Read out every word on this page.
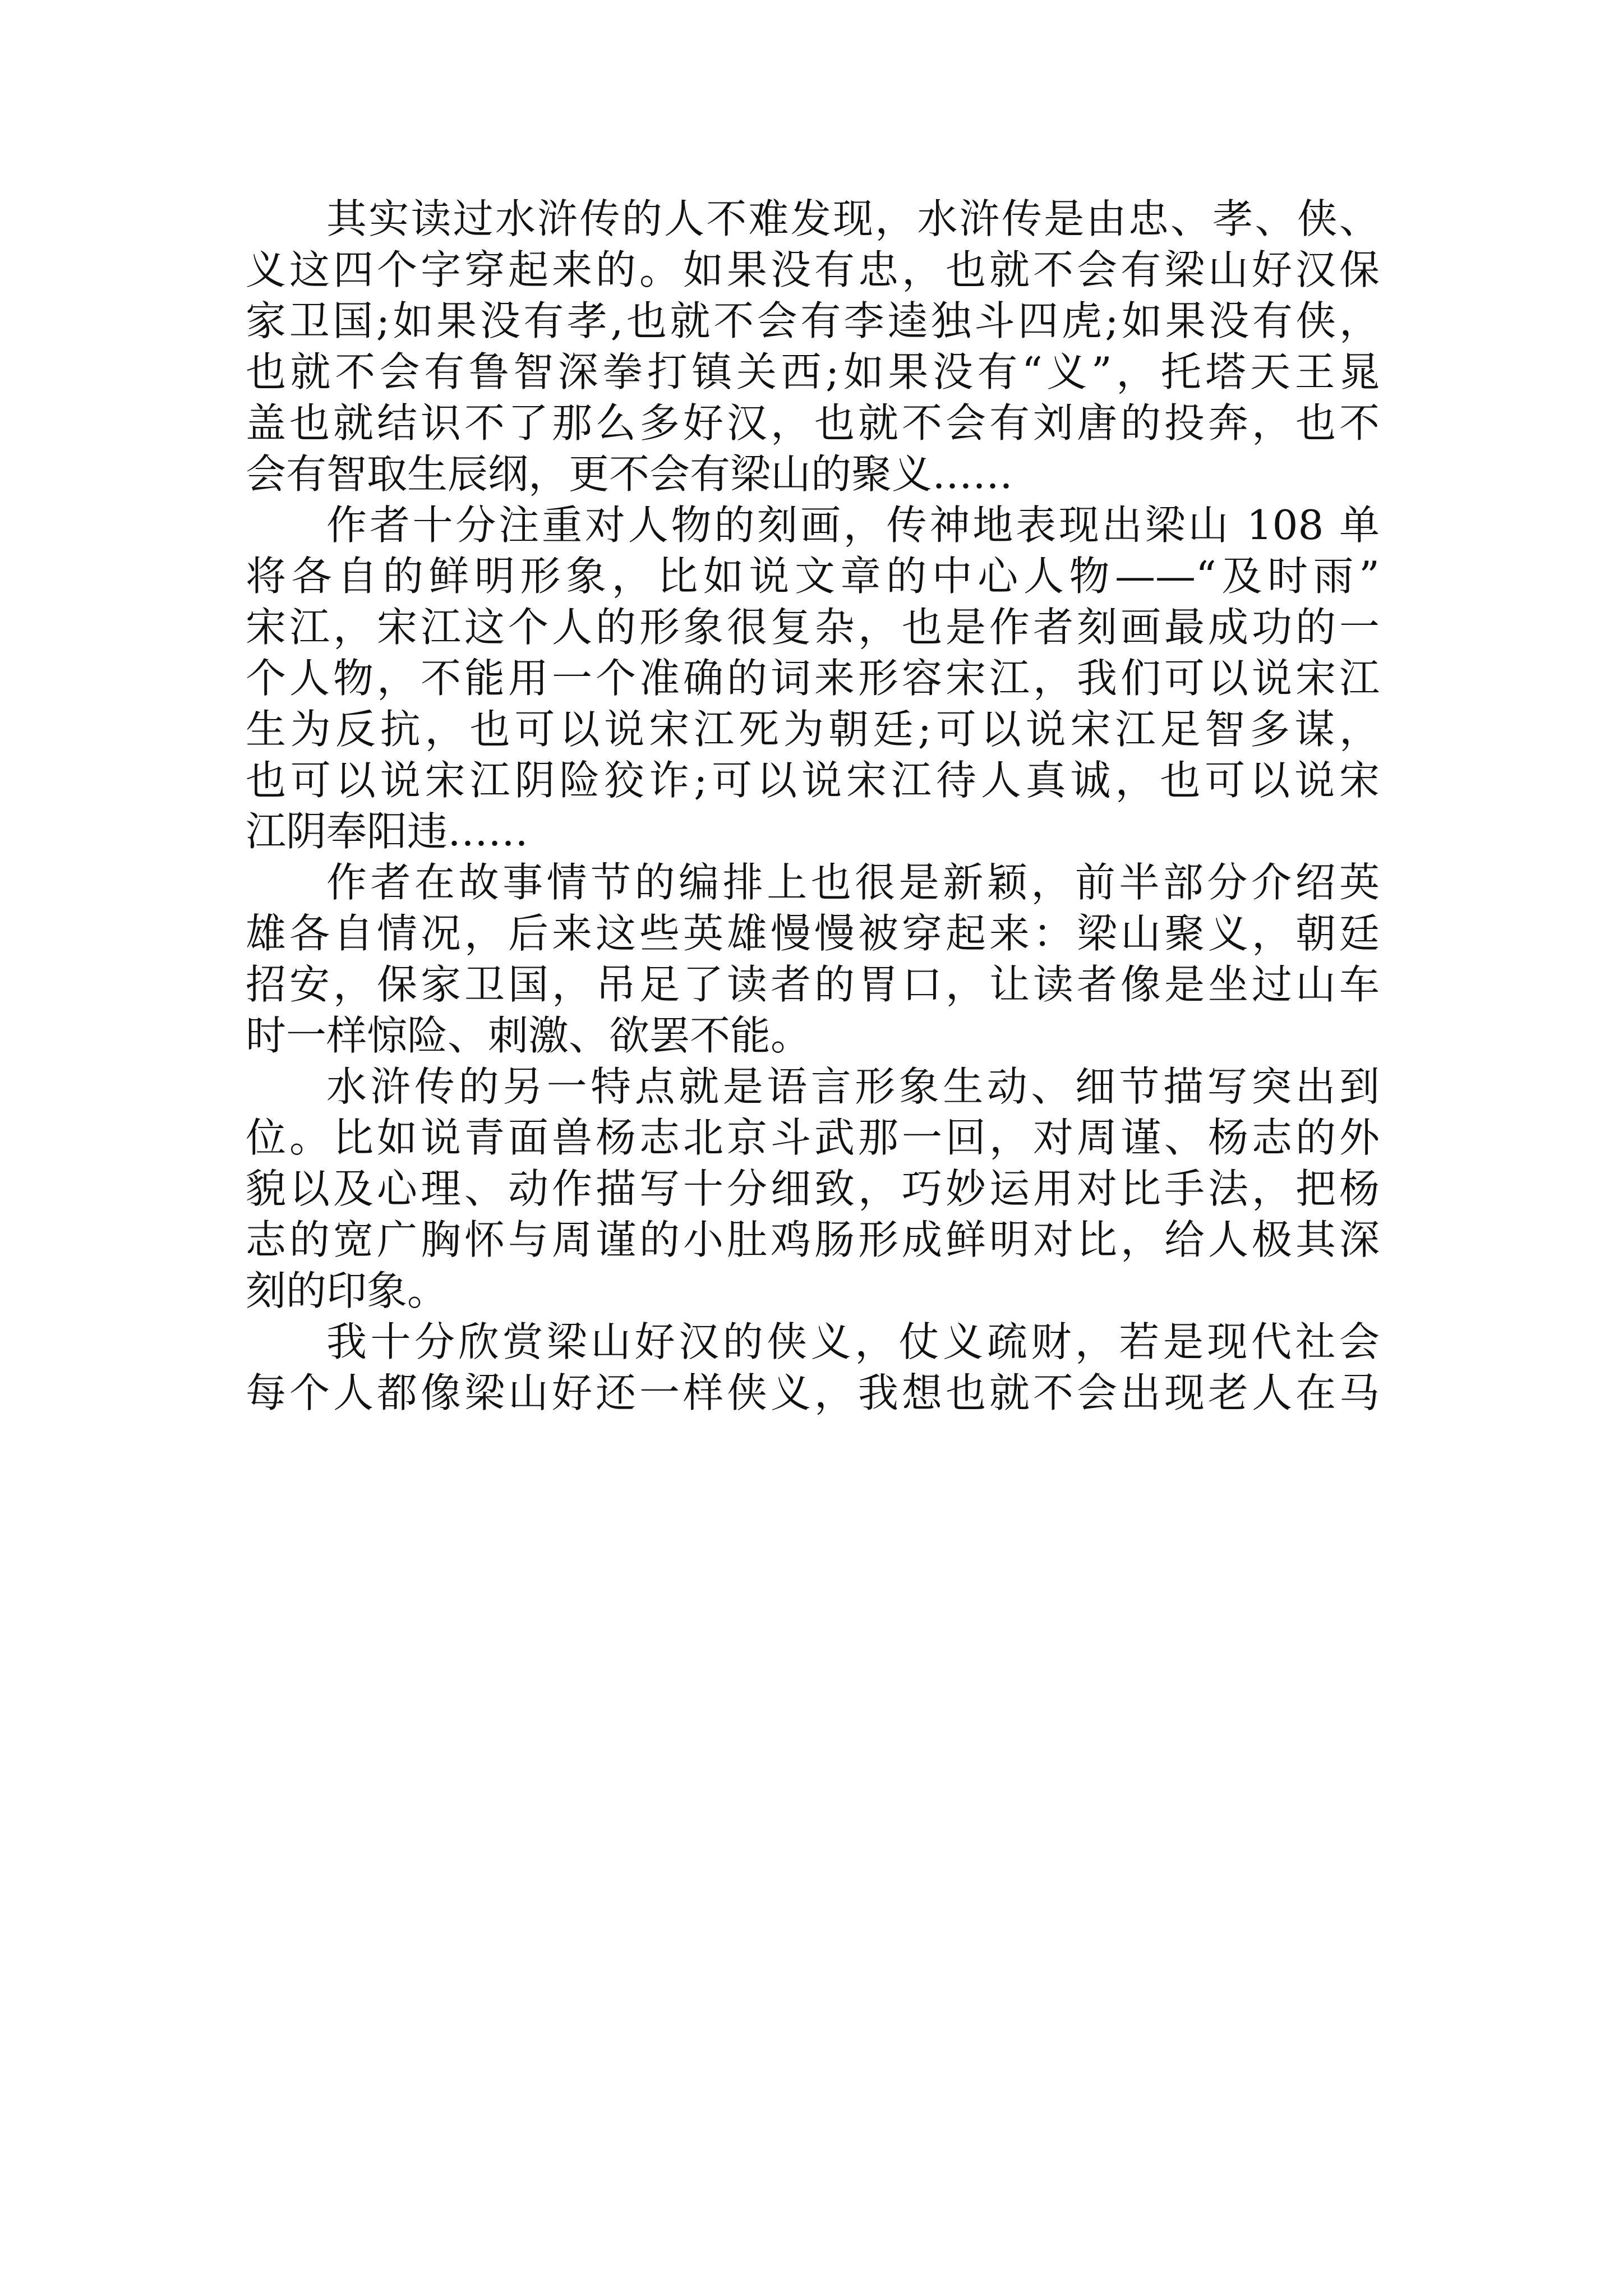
其实读过水浒传的人不难发现，水浒传是由忠、孝、侠、
义这四个字穿起来的。如果没有忠，也就不会有梁山好汉保
家卫国;如果没有孝,也就不会有李逵独斗四虎;如果没有侠，
也就不会有鲁智深拳打镇关西;如果没有“义”，托塔天王晁
盖也就结识不了那么多好汉，也就不会有刘唐的投奔，也不
会有智取生辰纲，更不会有梁山的聚义……
作者十分注重对人物的刻画，传神地表现出梁山 108 单
将各自的鲜明形象，比如说文章的中心人物——“及时雨”
宋江，宋江这个人的形象很复杂，也是作者刻画最成功的一
个人物，不能用一个准确的词来形容宋江，我们可以说宋江
生为反抗，也可以说宋江死为朝廷;可以说宋江足智多谋，
也可以说宋江阴险狡诈;可以说宋江待人真诚，也可以说宋
江阴奉阳违……
作者在故事情节的编排上也很是新颖，前半部分介绍英
雄各自情况，后来这些英雄慢慢被穿起来：梁山聚义，朝廷
招安，保家卫国，吊足了读者的胃口，让读者像是坐过山车
时一样惊险、刺激、欲罢不能。
水浒传的另一特点就是语言形象生动、细节描写突出到
位。比如说青面兽杨志北京斗武那一回，对周谨、杨志的外
貌以及心理、动作描写十分细致，巧妙运用对比手法，把杨
志的宽广胸怀与周谨的小肚鸡肠形成鲜明对比，给人极其深
刻的印象。
我十分欣赏梁山好汉的侠义，仗义疏财，若是现代社会
每个人都像梁山好还一样侠义，我想也就不会出现老人在马
